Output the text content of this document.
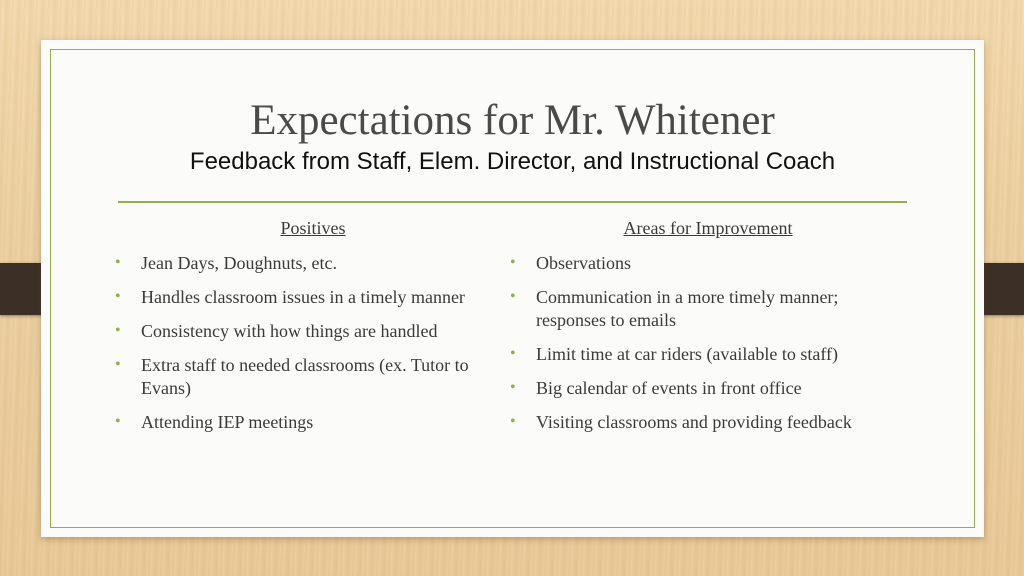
Expectations for Mr. Whitener
Feedback from Staff, Elem. Director, and Instructional Coach
Positives
• Jean Days, Doughnuts, etc.
• Handles classroom issues in a timely manner
• Consistency with how things are handled
• Extra staff to needed classrooms (ex. Tutor to Evans)
• Attending IEP meetings
Areas for Improvement
• Observations
• Communication in a more timely manner; responses to emails
• Limit time at car riders (available to staff)
• Big calendar of events in front office
• Visiting classrooms and providing feedback
